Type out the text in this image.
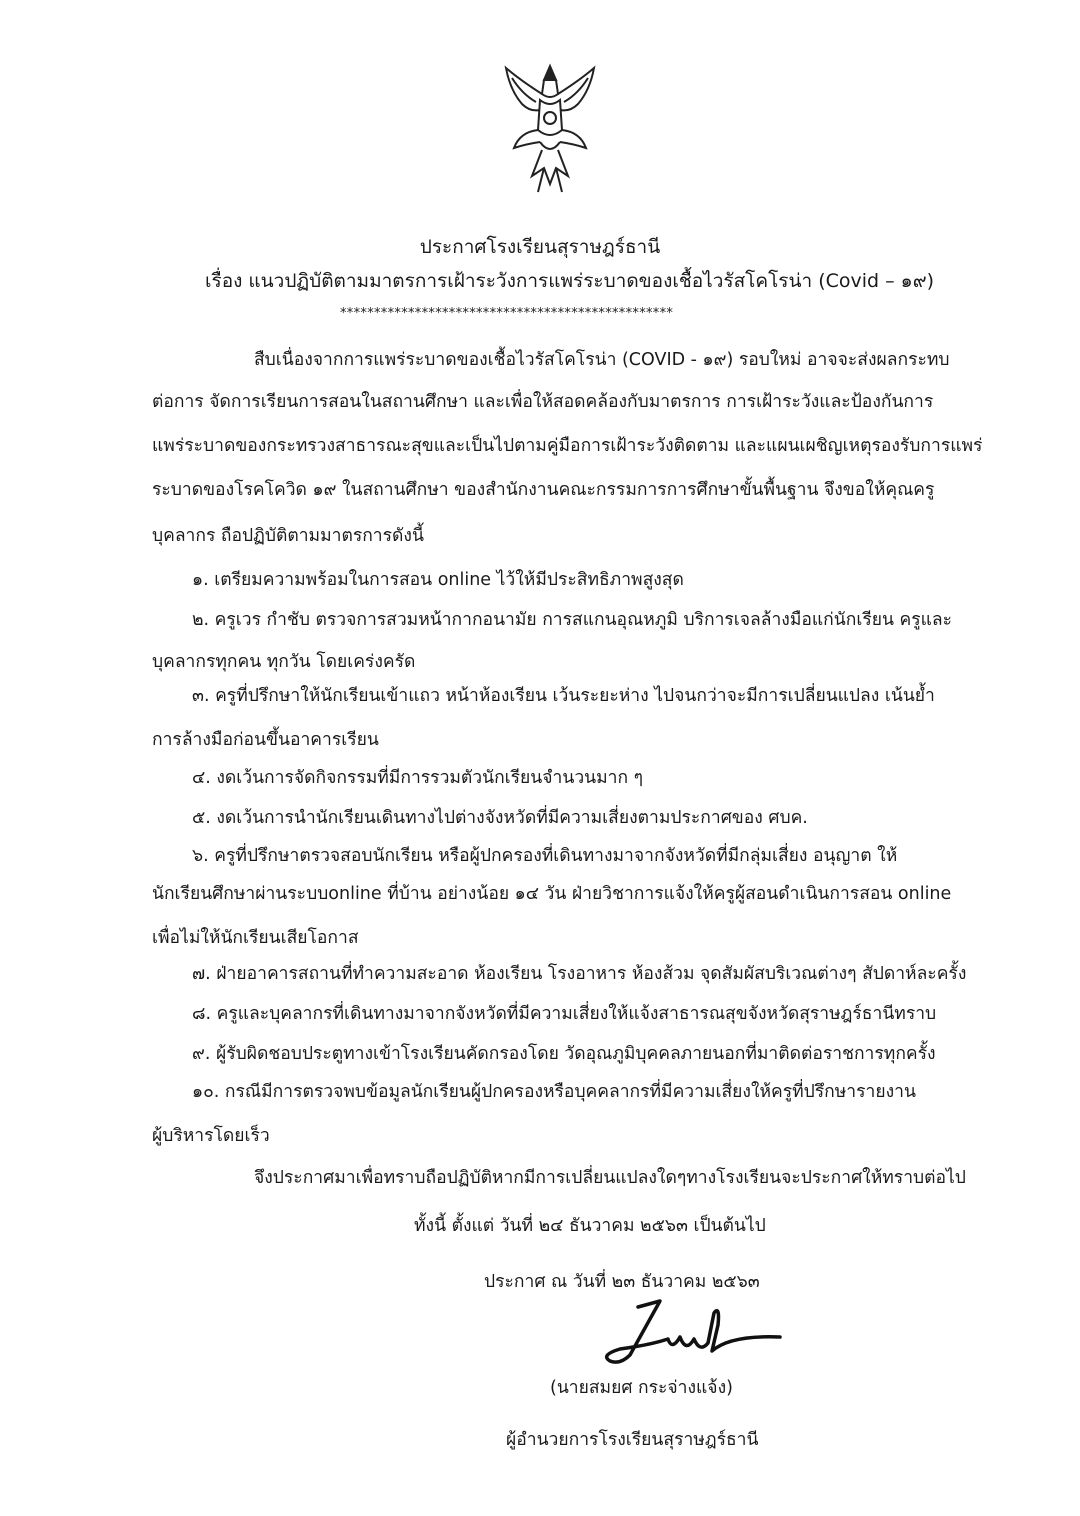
ประกาศโรงเรียนสุราษฎร์ธานี
เรื่อง แนวปฏิบัติตามมาตรการเฝ้าระวังการแพร่ระบาดของเชื้อไวรัสโคโรน่า (Covid – ๑๙)
*************************************************
สืบเนื่องจากการแพร่ระบาดของเชื้อไวรัสโคโรน่า (COVID - ๑๙) รอบใหม่ อาจจะส่งผลกระทบ
ต่อการ จัดการเรียนการสอนในสถานศึกษา และเพื่อให้สอดคล้องกับมาตรการ การเฝ้าระวังและป้องกันการ
แพร่ระบาดของกระทรวงสาธารณะสุขและเป็นไปตามคู่มือการเฝ้าระวังติดตาม และแผนเผชิญเหตุรองรับการแพร่
ระบาดของโรคโควิด ๑๙ ในสถานศึกษา ของสำนักงานคณะกรรมการการศึกษาขั้นพื้นฐาน จึงขอให้คุณครู
บุคลากร ถือปฏิบัติตามมาตรการดังนี้
๑. เตรียมความพร้อมในการสอน online ไว้ให้มีประสิทธิภาพสูงสุด
๒. ครูเวร กำชับ ตรวจการสวมหน้ากากอนามัย การสแกนอุณหภูมิ บริการเจลล้างมือแก่นักเรียน ครูและ
บุคลากรทุกคน ทุกวัน โดยเคร่งครัด
๓. ครูที่ปรึกษาให้นักเรียนเข้าแถว หน้าห้องเรียน เว้นระยะห่าง ไปจนกว่าจะมีการเปลี่ยนแปลง เน้นย้ำ
การล้างมือก่อนขึ้นอาคารเรียน
๔. งดเว้นการจัดกิจกรรมที่มีการรวมตัวนักเรียนจำนวนมาก ๆ
๕. งดเว้นการนำนักเรียนเดินทางไปต่างจังหวัดที่มีความเสี่ยงตามประกาศของ ศบค.
๖. ครูที่ปรึกษาตรวจสอบนักเรียน หรือผู้ปกครองที่เดินทางมาจากจังหวัดที่มีกลุ่มเสี่ยง อนุญาต ให้
นักเรียนศึกษาผ่านระบบonline ที่บ้าน อย่างน้อย ๑๔ วัน ฝ่ายวิชาการแจ้งให้ครูผู้สอนดำเนินการสอน online
เพื่อไม่ให้นักเรียนเสียโอกาส
๗. ฝ่ายอาคารสถานที่ทำความสะอาด ห้องเรียน โรงอาหาร ห้องส้วม จุดสัมผัสบริเวณต่างๆ สัปดาห์ละครั้ง
๘. ครูและบุคลากรที่เดินทางมาจากจังหวัดที่มีความเสี่ยงให้แจ้งสาธารณสุขจังหวัดสุราษฎร์ธานีทราบ
๙. ผู้รับผิดชอบประตูทางเข้าโรงเรียนคัดกรองโดย วัดอุณภูมิบุคคลภายนอกที่มาติดต่อราชการทุกครั้ง
๑๐. กรณีมีการตรวจพบข้อมูลนักเรียนผู้ปกครองหรือบุคคลากรที่มีความเสี่ยงให้ครูที่ปรึกษารายงาน
ผู้บริหารโดยเร็ว
จึงประกาศมาเพื่อทราบถือปฏิบัติหากมีการเปลี่ยนแปลงใดๆทางโรงเรียนจะประกาศให้ทราบต่อไป
ทั้งนี้ ตั้งแต่ วันที่ ๒๔ ธันวาคม ๒๕๖๓ เป็นต้นไป
ประกาศ ณ วันที่ ๒๓ ธันวาคม ๒๕๖๓
(นายสมยศ กระจ่างแจ้ง)
ผู้อำนวยการโรงเรียนสุราษฎร์ธานี
